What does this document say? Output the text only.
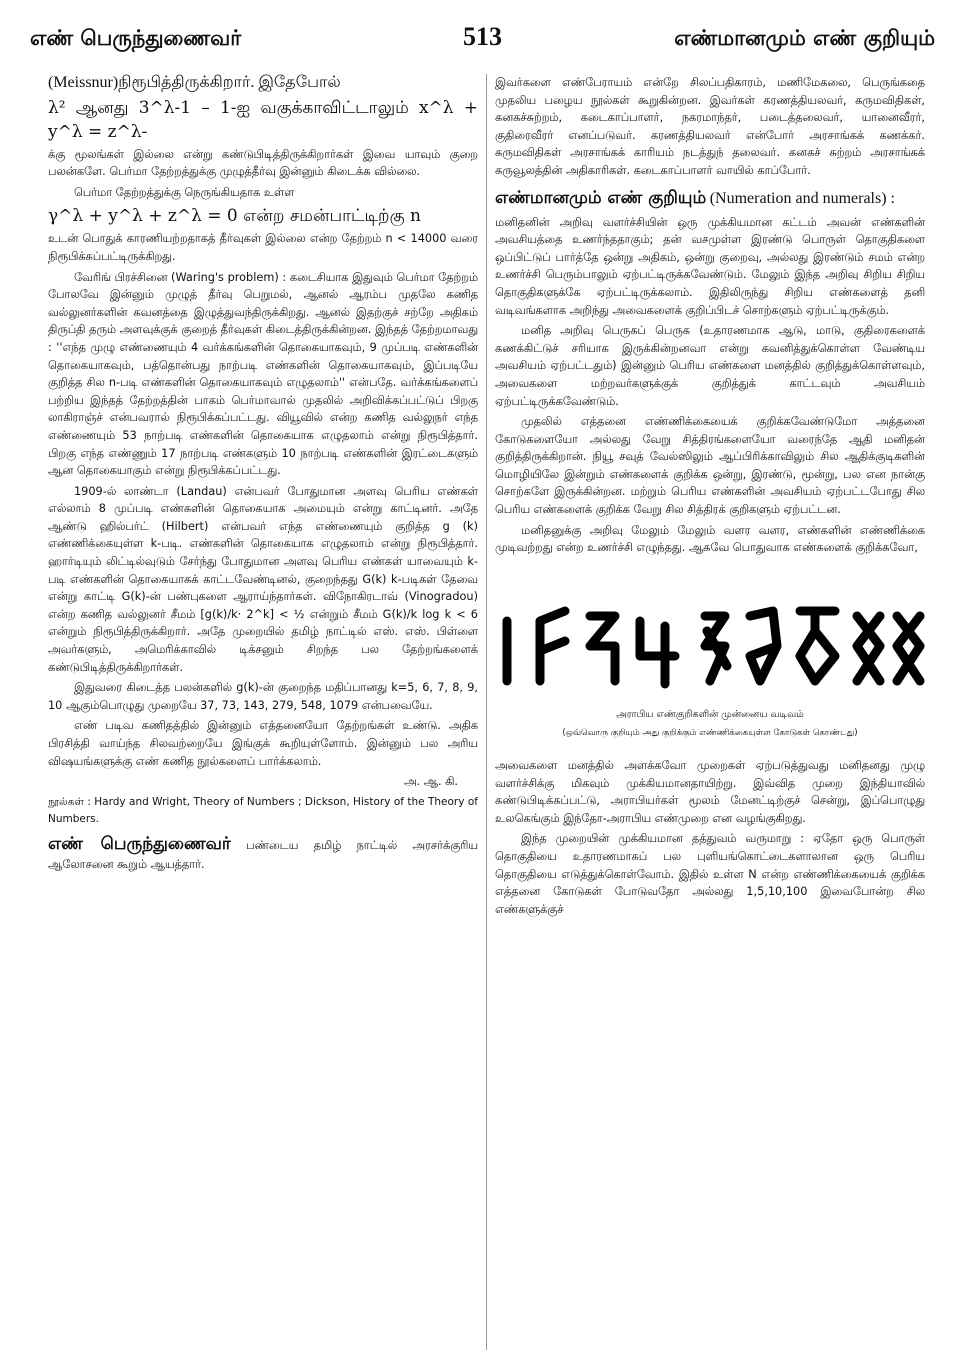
எண் பெருந்துணைவர்	513	எண்மானமும் எண் குறியும்

(Meissnur)நிரூபித்திருக்கிறார். இதேபோல்

λ² ஆனது 3^λ-1 – 1-ஐ வகுக்காவிட்டாலும் x^λ + y^λ = z^λ-

க்கு மூலங்கள் இல்லை என்று கண்டுபிடித்திருக்கிறார்கள் இவை யாவும் குறை பலன்களே. பெர்மா தேற்றத்துக்கு முழுத்தீர்வு இன்னும் கிடைக்க வில்லை.

பெர்மா தேற்றத்துக்கு நெருங்கியதாக உள்ள

γ^λ + y^λ + z^λ = 0 என்ற சமன்பாட்டிற்கு n

உடன் பொதுக் காரணியற்றதாகத் தீர்வுகள் இல்லை என்ற தேற்றம் n < 14000 வரை நிரூபிக்கப்பட்டிருக்கிறது.

வேரிங் பிரச்சினை (Waring's problem) : கடைசியாக இதுவும் பெர்மா தேற்றம் போலவே இன்னும் முழுத் தீர்வு பெறுமல், ஆனல் ஆரம்ப முதலே கணித வல்லுனர்களின் கவனத்தை இழுத்துவந்திருக்கிறது. ஆனல் இதற்குச் சற்றே அதிகம் திருப்தி தரும் அளவுக்குக் குறைத் தீர்வுகள் கிடைத்திருக்கின்றன. இந்தத் தேற்றமாவது : ''எந்த முழு எண்ணையும் 4 வர்க்கங்களின் தொகையாகவும், 9 முப்படி எண்களின் தொகையாகவும், பத்தொன்பது நாற்படி எண்களின் தொகையாகவும், இப்படியே குறித்த சில n-படி எண்களின் தொகையாகவும் எழுதலாம்'' என்பதே. வர்க்கங்களைப் பற்றிய இந்தத் தேற்றத்தின் பாகம் பெர்மாவால் முதலில் அறிவிக்கப்பட்டுப் பிறகு லாகிராஞ்ச் என்பவரால் நிரூபிக்கப்பட்டது. வியூவில் என்ற கணித வல்லுநர் எந்த எண்ணையும் 53 நாற்படி எண்களின் தொகையாக எழுதலாம் என்று நிரூபித்தார். பிறகு எந்த எண்ணும் 17 நாற்படி எண்களும் 10 நாற்படி எண்களின் இரட்டைகளும் ஆன தொகையாகும் என்று நிரூபிக்கப்பட்டது.

1909-ல் லாண்டா (Landau) என்பவர் போதுமான அளவு பெரிய எண்கள் எல்லாம் 8 முப்படி எண்களின் தொகையாக அமையும் என்று காட்டினர். அதே ஆண்டு ஹில்பர்ட் (Hilbert) என்பவர் எந்த எண்ணையும் குறித்த g (k) எண்ணிக்கையுள்ள k-படி. எண்களின் தொகையாக எழுதலாம் என்று நிரூபித்தார். ஹார்டியும் லிட்டில்வுடும் சேர்ந்து போதுமான அளவு பெரிய எண்கள் யாவையும் k-படி எண்களின் தொகையாகக் காட்டவேண்டினல், குறைந்தது G(k) k-படிகள் தேவை என்று காட்டி G(k)-ன் பண்புகளை ஆராய்ந்தார்கள். விநோகிரடாவ் (Vinogradou) என்ற கணித வல்லுனர் சீமம் [g(k)/k· 2^k] < ½ என்றும் சீமம் G(k)/k log k < 6 என்றும் நிரூபித்திருக்கிறார். அதே முறையில் தமிழ் நாட்டில் எஸ். எஸ். பிள்ளை அவர்களும், அமெரிக்காவில் டிக்சனும் சிறந்த பல தேற்றங்களைக் கண்டுபிடித்திருக்கிறார்கள்.

இதுவரை கிடைத்த பலன்களில் g(k)-ன் குறைந்த மதிப்பானது k=5, 6, 7, 8, 9, 10 ஆகும்பொழுது முறையே 37, 73, 143, 279, 548, 1079 என்பவையே.

எண் படிவ கணிதத்தில் இன்னும் எத்தனையோ தேற்றங்கள் உண்டு. அதிக பிரசித்தி வாய்ந்த சிலவற்றையே இங்குக் கூறியுள்ளோம். இன்னும் பல அரிய விஷயங்களுக்கு எண் கணித நூல்களைப் பார்க்கலாம்.

அ. ஆ. கி.

நூல்கள் : Hardy and Wright, Theory of Numbers ; Dickson, History of the Theory of Numbers.

எண் பெருந்துணைவர் பண்டைய தமிழ் நாட்டில் அரசர்க்குரிய ஆலோசனை கூறும் ஆயத்தார்.

இவர்களை எண்பேராயம் என்றே சிலப்பதிகாரம், மணிமேகலை, பெருங்கதை முதலிய பழைய நூல்கள் கூறுகின்றன. இவர்கள் கரணத்தியலவர், கருமவிதிகள், கனகச்சுற்றம், கடைகாப்பாளர், நகரமாந்தர், படைத்தலைவர், யானைவீரர், குதிரைவீரர் எனப்படுவர். கரணத்தியலவர் என்போர் அரசாங்கக் கணக்கர். கருமவிதிகள் அரசாங்கக் காரியம் நடத்துந் தலைவர். கனகச் சுற்றம் அரசாங்கக் கருவூலத்தின் அதிகாரிகள். கடைகாப்பாளர் வாயில் காப்போர்.

எண்மானமும் எண் குறியும் (Numeration and numerals) :

மனிதனின் அறிவு வளர்ச்சியின் ஒரு முக்கியமான கட்டம் அவன் எண்களின் அவசியத்தை உணர்ந்ததாகும்; தன் வசமுள்ள இரண்டு பொருள் தொகுதிகளை ஒப்பிட்டுப் பார்த்தே ஒன்று அதிகம், ஒன்று குறைவு, அல்லது இரண்டும் சமம் என்ற உணர்ச்சி பெரும்பாலும் ஏற்பட்டிருக்கவேண்டும். மேலும் இந்த அறிவு சிறிய சிறிய தொகுதிகளுக்கே ஏற்பட்டிருக்கலாம். இதிலிருந்து சிறிய எண்களைத் தனி வடிவங்களாக அறிந்து அவைகளைக் குறிப்பிடச் சொற்களும் ஏற்பட்டிருக்கும்.

மனித அறிவு பெருகப் பெருக (உதாரணமாக ஆடு, மாடு, குதிரைகளைக் கணக்கிட்டுச் சரியாக இருக்கின்றனவா என்று கவனித்துக்கொள்ள வேண்டிய அவசியம் ஏற்பட்டதும்) இன்னும் பெரிய எண்களை மனத்தில் குறித்துக்கொள்ளவும், அவைகளை மற்றவர்களுக்குக் குறித்துக் காட்டவும் அவசியம் ஏற்பட்டிருக்கவேண்டும்.

முதலில் எத்தனை எண்ணிக்கையைக் குறிக்கவேண்டுமோ அத்தனை கோடுகளையோ அல்லது வேறு சித்திரங்களையோ வரைந்தே ஆதி மனிதன் குறித்திருக்கிறான். நியூ சவுத் வேல்ஸிலும் ஆப்பிரிக்காவிலும் சில ஆதிக்குடிகளின் மொழியிலே இன்றும் எண்களைக் குறிக்க ஒன்று, இரண்டு, மூன்று, பல என நான்கு சொற்களே இருக்கின்றன. மற்றும் பெரிய எண்களின் அவசியம் ஏற்பட்டபோது சில பெரிய எண்களைக் குறிக்க வேறு சில சித்திரக் குறிகளும் ஏற்பட்டன.

மனிதனுக்கு அறிவு மேலும் மேலும் வளர வளர, எண்களின் எண்ணிக்கை முடிவற்றது என்ற உணர்ச்சி எழுந்தது. ஆகவே பொதுவாக எண்களைக் குறிக்கவோ,

அராபிய எண்குறிகளின் முன்னைய வடிவம்

(ஒவ்வொரு குறியும் அது குறிக்கும் எண்ணிக்கையுள்ள கோடுகள் கொண்டது)

அவைகளை மனத்தில் அளக்கவோ முறைகள் ஏற்படுத்துவது மனிதனது முழு வளர்ச்சிக்கு மிகவும் முக்கியமானதாயிற்று. இவ்வித முறை இந்தியாவில் கண்டுபிடிக்கப்பட்டு, அராபியர்கள் மூலம் மேனட்டிற்குச் சென்று, இப்பொழுது உலகெங்கும் இந்தோ-அராபிய எண்முறை என வழங்குகிறது.

இந்த முறையின் முக்கியமான தத்துவம் வருமாறு : ஏதோ ஒரு பொருள் தொகுதியை உதாரணமாகப் பல புளியங்கொட்டைகளாலான ஒரு பெரிய தொகுதியை எடுத்துக்கொள்வோம். இதில் உள்ள N என்ற எண்ணிக்கையைக் குறிக்க எத்தனை கோடுகள் போடுவதோ அல்லது 1,5,10,100 இவைபோன்ற சில எண்களுக்குச்
